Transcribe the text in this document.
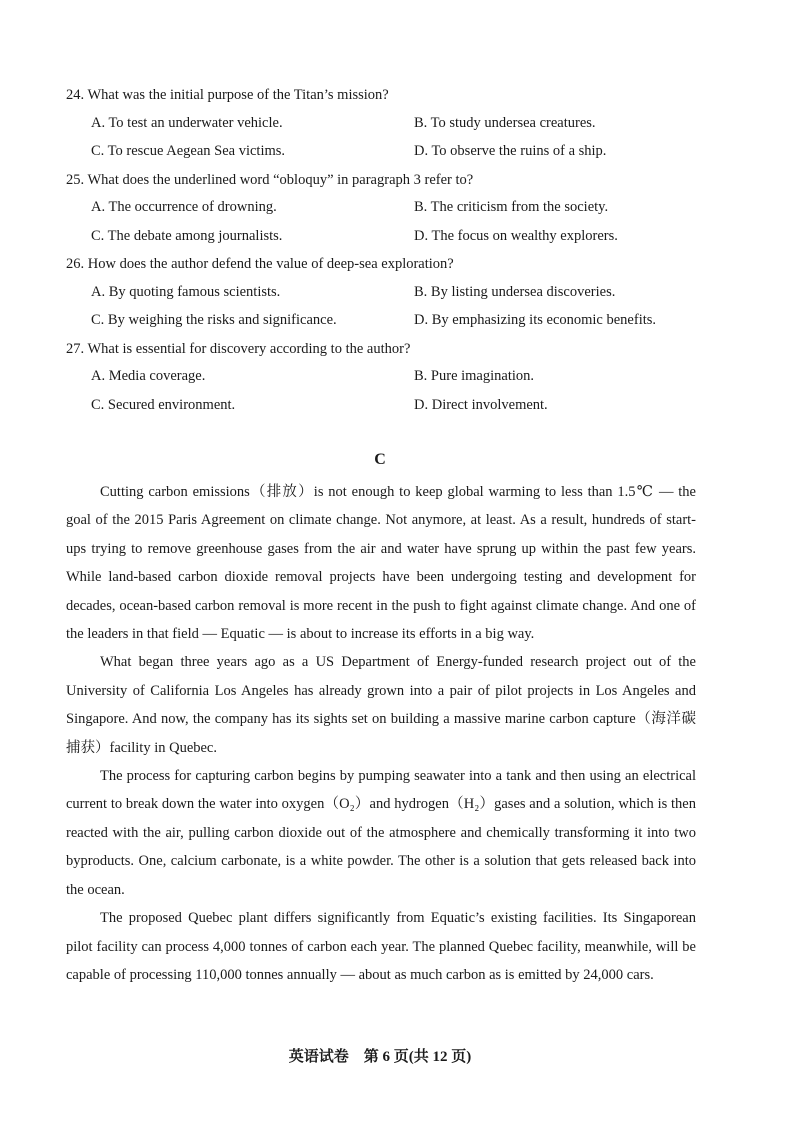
24. What was the initial purpose of the Titan’s mission?
A. To test an underwater vehicle.	B. To study undersea creatures.
C. To rescue Aegean Sea victims.	D. To observe the ruins of a ship.
25. What does the underlined word “obloquy” in paragraph 3 refer to?
A. The occurrence of drowning.	B. The criticism from the society.
C. The debate among journalists.	D. The focus on wealthy explorers.
26. How does the author defend the value of deep-sea exploration?
A. By quoting famous scientists.	B. By listing undersea discoveries.
C. By weighing the risks and significance.	D. By emphasizing its economic benefits.
27. What is essential for discovery according to the author?
A. Media coverage.	B. Pure imagination.
C. Secured environment.	D. Direct involvement.
C

Cutting carbon emissions（排放）is not enough to keep global warming to less than 1.5℃ — the goal of the 2015 Paris Agreement on climate change. Not anymore, at least. As a result, hundreds of start-ups trying to remove greenhouse gases from the air and water have sprung up within the past few years. While land-based carbon dioxide removal projects have been undergoing testing and development for decades, ocean-based carbon removal is more recent in the push to fight against climate change. And one of the leaders in that field — Equatic — is about to increase its efforts in a big way.

What began three years ago as a US Department of Energy-funded research project out of the University of California Los Angeles has already grown into a pair of pilot projects in Los Angeles and Singapore. And now, the company has its sights set on building a massive marine carbon capture（海洋碳捕获）facility in Quebec.

The process for capturing carbon begins by pumping seawater into a tank and then using an electrical current to break down the water into oxygen（O₂）and hydrogen（H₂）gases and a solution, which is then reacted with the air, pulling carbon dioxide out of the atmosphere and chemically transforming it into two byproducts. One, calcium carbonate, is a white powder. The other is a solution that gets released back into the ocean.

The proposed Quebec plant differs significantly from Equatic’s existing facilities. Its Singaporean pilot facility can process 4,000 tonnes of carbon each year. The planned Quebec facility, meanwhile, will be capable of processing 110,000 tonnes annually — about as much carbon as is emitted by 24,000 cars.

英语试卷　第 6 页(共 12 页)
